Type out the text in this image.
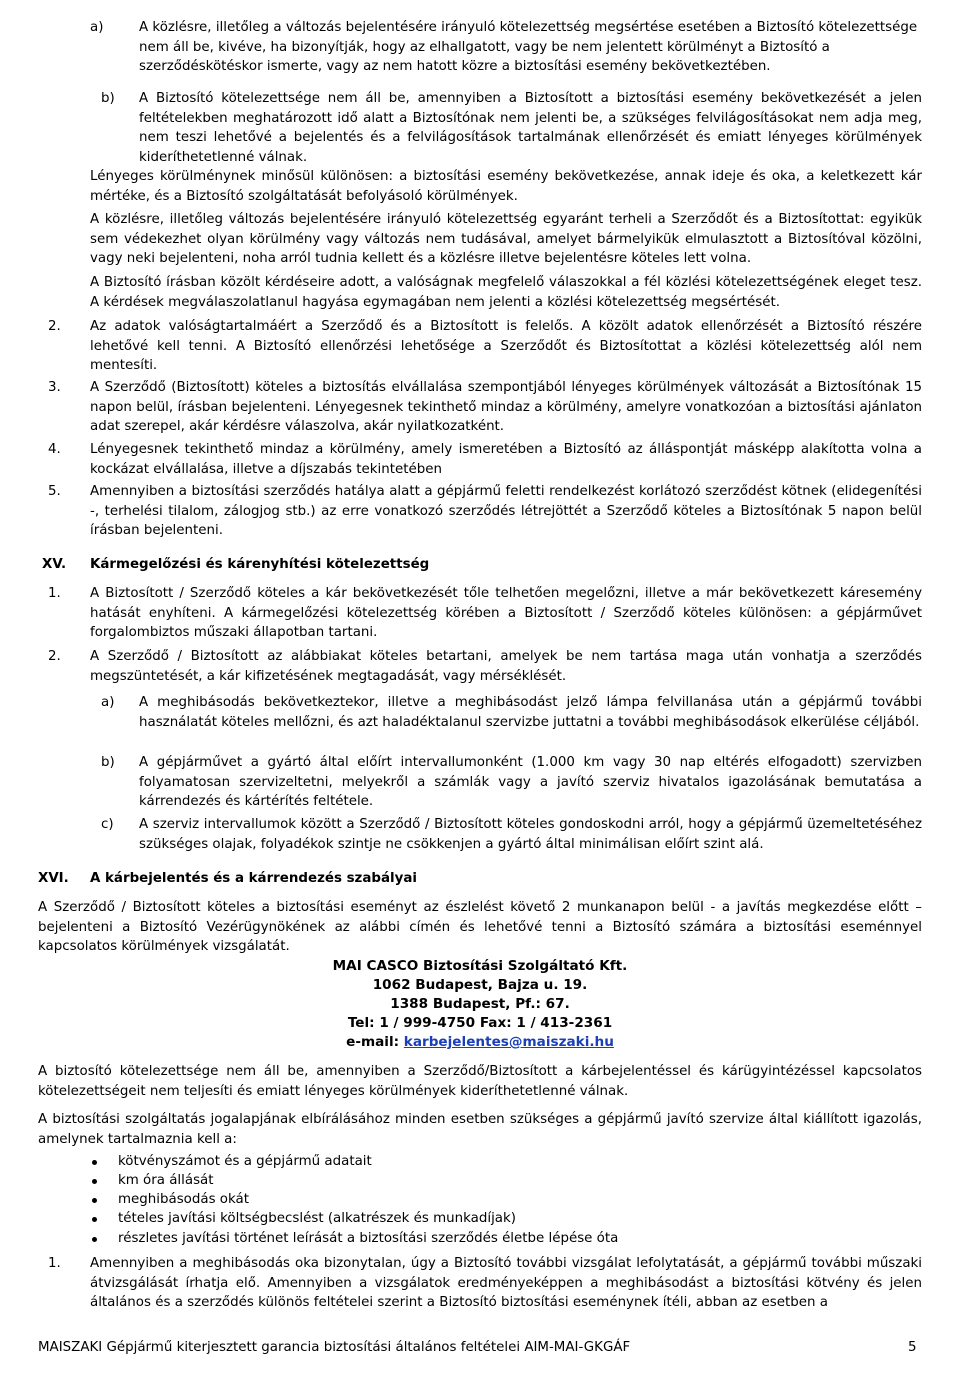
a)	A közlésre, illetőleg a változás bejelentésére irányuló kötelezettség megsértése esetében a Biztosító kötelezettsége nem áll be, kivéve, ha bizonyítják, hogy az elhallgatott, vagy be nem jelentett körülményt a Biztosító a szerződéskötéskor ismerte, vagy az nem hatott közre a biztosítási esemény bekövetkeztében.

b) A Biztosító kötelezettsége nem áll be, amennyiben a Biztosított a biztosítási esemény bekövetkezését a jelen feltételekben meghatározott idő alatt a Biztosítónak nem jelenti be, a szükséges felvilágosításokat nem adja meg, nem teszi lehetővé a bejelentés és a felvilágosítások tartalmának ellenőrzését és emiatt lényeges körülmények kideríthetetlenné válnak.

Lényeges körülménynek minősül különösen: a biztosítási esemény bekövetkezése, annak ideje és oka, a keletkezett kár mértéke, és a Biztosító szolgáltatását befolyásoló körülmények.

A közlésre, illetőleg változás bejelentésére irányuló kötelezettség egyaránt terheli a Szerződőt és a Biztosítottat: egyikük sem védekezhet olyan körülmény vagy változás nem tudásával, amelyet bármelyikük elmulasztott a Biztosítóval közölni, vagy neki bejelenteni, noha arról tudnia kellett és a közlésre illetve bejelentésre köteles lett volna.

A Biztosító írásban közölt kérdéseire adott, a valóságnak megfelelő válaszokkal a fél közlési kötelezettségének eleget tesz. A kérdések megválaszolatlanul hagyása egymagában nem jelenti a közlési kötelezettség megsértését.

2. Az adatok valóságtartalmáért a Szerződő és a Biztosított is felelős. A közölt adatok ellenőrzését a Biztosító részére lehetővé kell tenni. A Biztosító ellenőrzési lehetősége a Szerződőt és Biztosítottat a közlési kötelezettség alól nem mentesíti.

3. A Szerződő (Biztosított) köteles a biztosítás elvállalása szempontjából lényeges körülmények változását a Biztosítónak 15 napon belül, írásban bejelenteni. Lényegesnek tekinthető mindaz a körülmény, amelyre vonatkozóan a biztosítási ajánlaton adat szerepel, akár kérdésre válaszolva, akár nyilatkozatként.

4. Lényegesnek tekinthető mindaz a körülmény, amely ismeretében a Biztosító az álláspontját másképp alakította volna a kockázat elvállalása, illetve a díjszabás tekintetében

5. Amennyiben a biztosítási szerződés hatálya alatt a gépjármű feletti rendelkezést korlátozó szerződést kötnek (elidegenítési -, terhelési tilalom, zálogjog stb.) az erre vonatkozó szerződés létrejöttét a Szerződő köteles a Biztosítónak 5 napon belül írásban bejelenteni.

XV. Kármegelőzési és kárenyhítési kötelezettség
1. A Biztosított / Szerződő köteles a kár bekövetkezését tőle telhetően megelőzni, illetve a már bekövetkezett káresemény hatását enyhíteni. A kármegelőzési kötelezettség körében a Biztosított / Szerződő köteles különösen: a gépjárművet forgalombiztos műszaki állapotban tartani.

2. A Szerződő / Biztosított az alábbiakat köteles betartani, amelyek be nem tartása maga után vonhatja a szerződés megszüntetését, a kár kifizetésének megtagadását, vagy mérséklését.

a) A meghibásodás bekövetkeztekor, illetve a meghibásodást jelző lámpa felvillanása után a gépjármű további használatát köteles mellőzni, és azt haladéktalanul szervizbe juttatni a további meghibásodások elkerülése céljából.

b) A gépjárművet a gyártó által előírt intervallumonként (1.000 km vagy 30 nap eltérés elfogadott) szervizben folyamatosan szervizeltetni, melyekről a számlák vagy a javító szerviz hivatalos igazolásának bemutatása a kárrendezés és kártérítés feltétele.

c) A szerviz intervallumok között a Szerződő / Biztosított köteles gondoskodni arról, hogy a gépjármű üzemeltetéséhez szükséges olajak, folyadékok szintje ne csökkenjen a gyártó által minimálisan előírt szint alá.

XVI. A kárbejelentés és a kárrendezés szabályai

A Szerződő / Biztosított köteles a biztosítási eseményt az észlelést követő 2 munkanapon belül - a javítás megkezdése előtt – bejelenteni a Biztosító Vezérügynökének az alábbi címén és lehetővé tenni a Biztosító számára a biztosítási eseménnyel kapcsolatos körülmények vizsgálatát.

MAI CASCO Biztosítási Szolgáltató Kft.
1062 Budapest, Bajza u. 19.
1388 Budapest, Pf.: 67.
Tel: 1 / 999-4750 Fax: 1 / 413-2361
e-mail: karbejelentes@maiszaki.hu

A biztosító kötelezettsége nem áll be, amennyiben a Szerződő/Biztosított a kárbejelentéssel és kárügyintézéssel kapcsolatos kötelezettségeit nem teljesíti és emiatt lényeges körülmények kideríthetetlenné válnak.

A biztosítási szolgáltatás jogalapjának elbírálásához minden esetben szükséges a gépjármű javító szervize által kiállított igazolás, amelynek tartalmaznia kell a:

kötvényszámot és a gépjármű adatait
km óra állását
meghibásodás okát
tételes javítási költségbecslést (alkatrészek és munkadíjak)
részletes javítási történet leírását a biztosítási szerződés életbe lépése óta
1. Amennyiben a meghibásodás oka bizonytalan, úgy a Biztosító további vizsgálat lefolytatását, a gépjármű további műszaki átvizsgálását írhatja elő. Amennyiben a vizsgálatok eredményeképpen a meghibásodást a biztosítási kötvény és jelen általános és a szerződés különös feltételei szerint a Biztosító biztosítási eseménynek ítéli, abban az esetben a

MAISZAKI Gépjármű kiterjesztett garancia biztosítási általános feltételei AIM-MAI-GKGÁF	5
